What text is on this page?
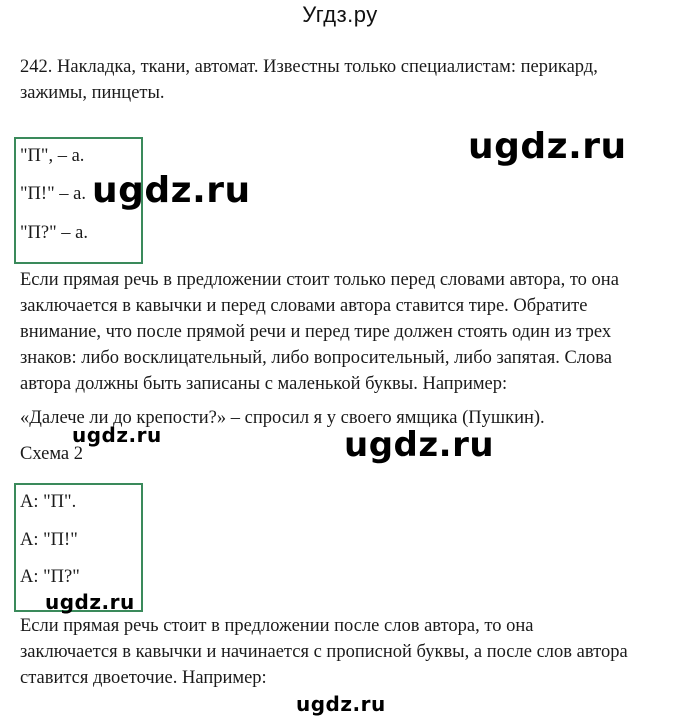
Угдз.ру

242. Накладка, ткани, автомат. Известны только специалистам: перикард,
зажимы, пинцеты.

"П", – а.
"П!" – а.
"П?" – а.

Если прямая речь в предложении стоит только перед словами автора, то она
заключается в кавычки и перед словами автора ставится тире. Обратите
внимание, что после прямой речи и перед тире должен стоять один из трех
знаков: либо восклицательный, либо вопросительный, либо запятая. Слова
автора должны быть записаны с маленькой буквы. Например:

«Далече ли до крепости?» – спросил я у своего ямщика (Пушкин).
Схема 2
А: "П".
А: "П!"
А: "П?"

Если прямая речь стоит в предложении после слов автора, то она
заключается в кавычки и начинается с прописной буквы, а после слов автора
ставится двоеточие. Например:

ugdz.ru
ugdz.ru
ugdz.ru
ugdz.ru
ugdz.ru
ugdz.ru
